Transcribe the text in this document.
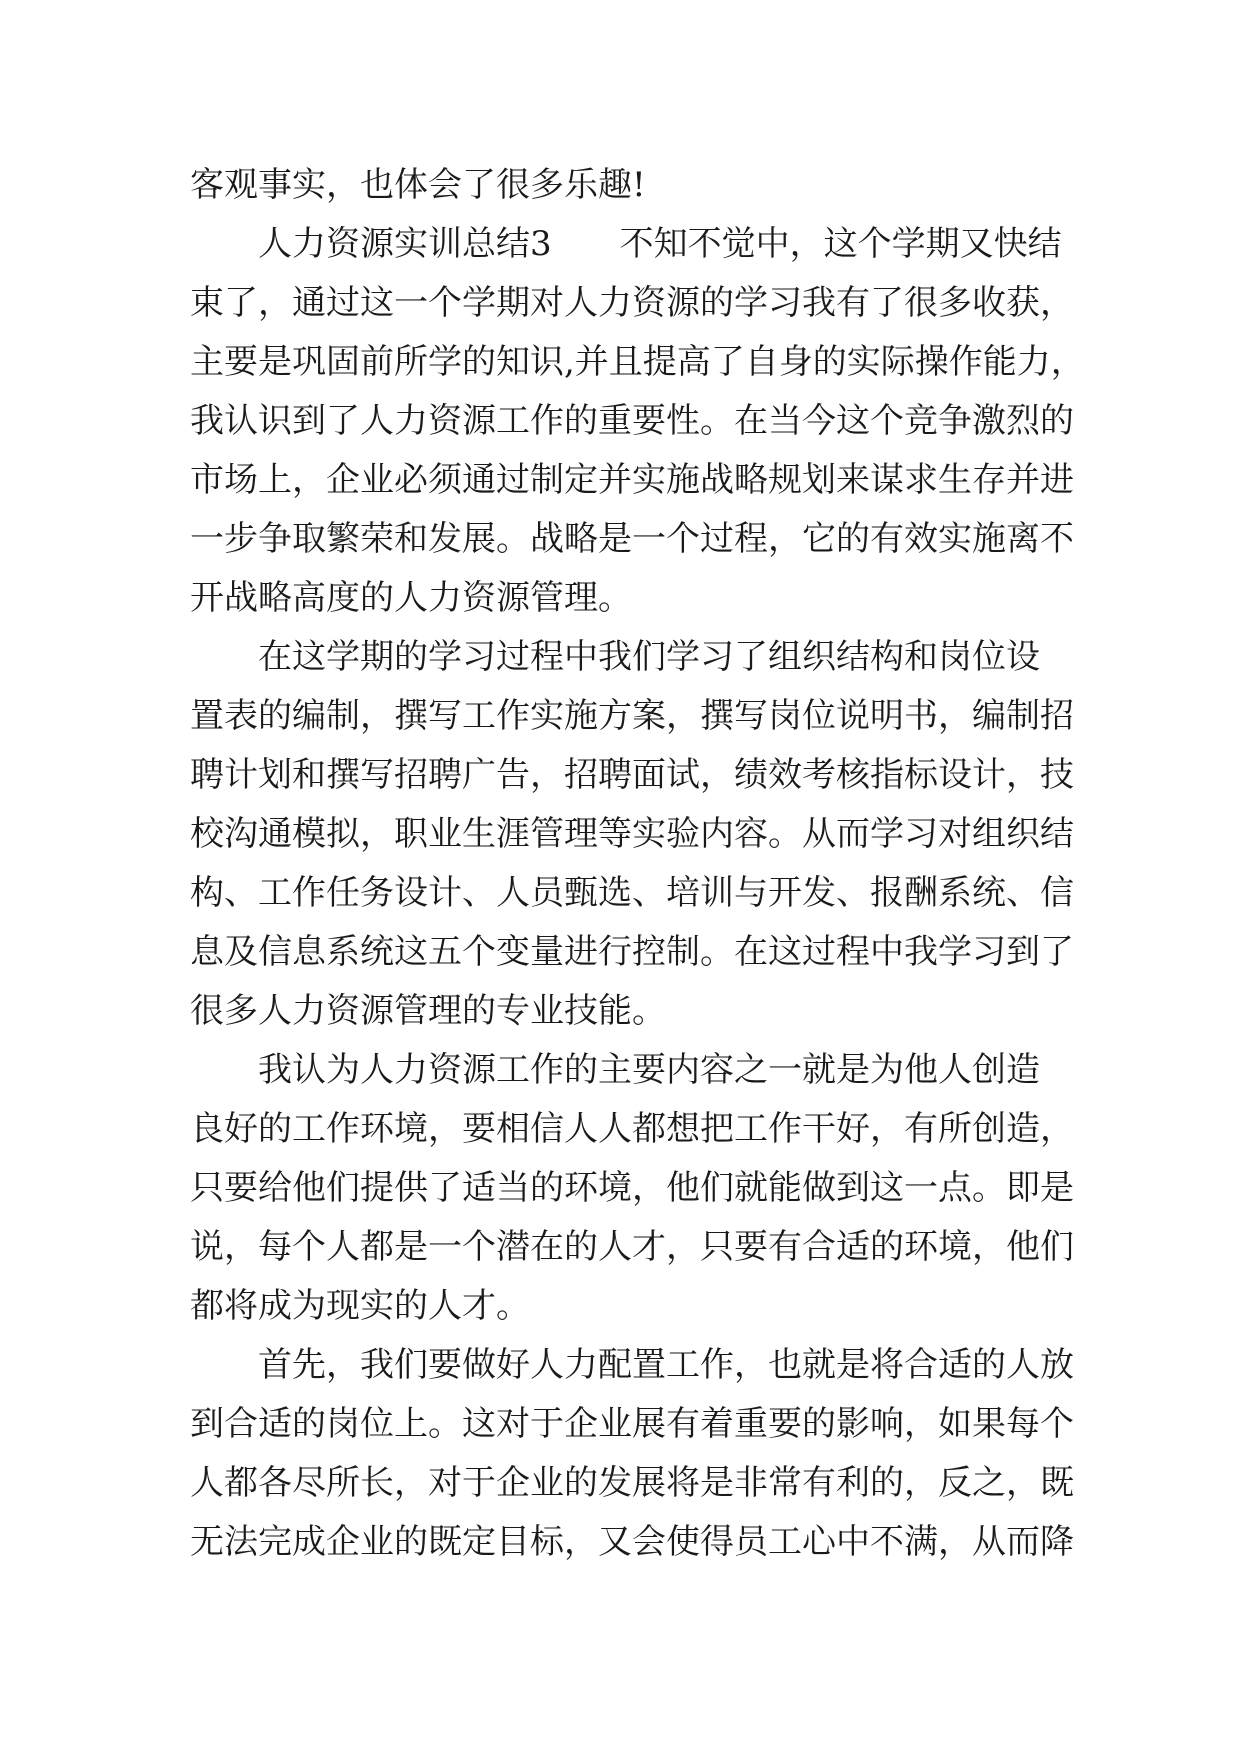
客观事实，也体会了很多乐趣!
　　人力资源实训总结3　　不知不觉中，这个学期又快结
束了，通过这一个学期对人力资源的学习我有了很多收获，
主要是巩固前所学的知识,并且提高了自身的实际操作能力，
我认识到了人力资源工作的重要性。在当今这个竞争激烈的
市场上，企业必须通过制定并实施战略规划来谋求生存并进
一步争取繁荣和发展。战略是一个过程，它的有效实施离不
开战略高度的人力资源管理。
　　在这学期的学习过程中我们学习了组织结构和岗位设
置表的编制，撰写工作实施方案，撰写岗位说明书，编制招
聘计划和撰写招聘广告，招聘面试，绩效考核指标设计，技
校沟通模拟，职业生涯管理等实验内容。从而学习对组织结
构、工作任务设计、人员甄选、培训与开发、报酬系统、信
息及信息系统这五个变量进行控制。在这过程中我学习到了
很多人力资源管理的专业技能。
　　我认为人力资源工作的主要内容之一就是为他人创造
良好的工作环境，要相信人人都想把工作干好，有所创造，
只要给他们提供了适当的环境，他们就能做到这一点。即是
说，每个人都是一个潜在的人才，只要有合适的环境，他们
都将成为现实的人才。
　　首先，我们要做好人力配置工作，也就是将合适的人放
到合适的岗位上。这对于企业展有着重要的影响，如果每个
人都各尽所长，对于企业的发展将是非常有利的，反之，既
无法完成企业的既定目标，又会使得员工心中不满，从而降
